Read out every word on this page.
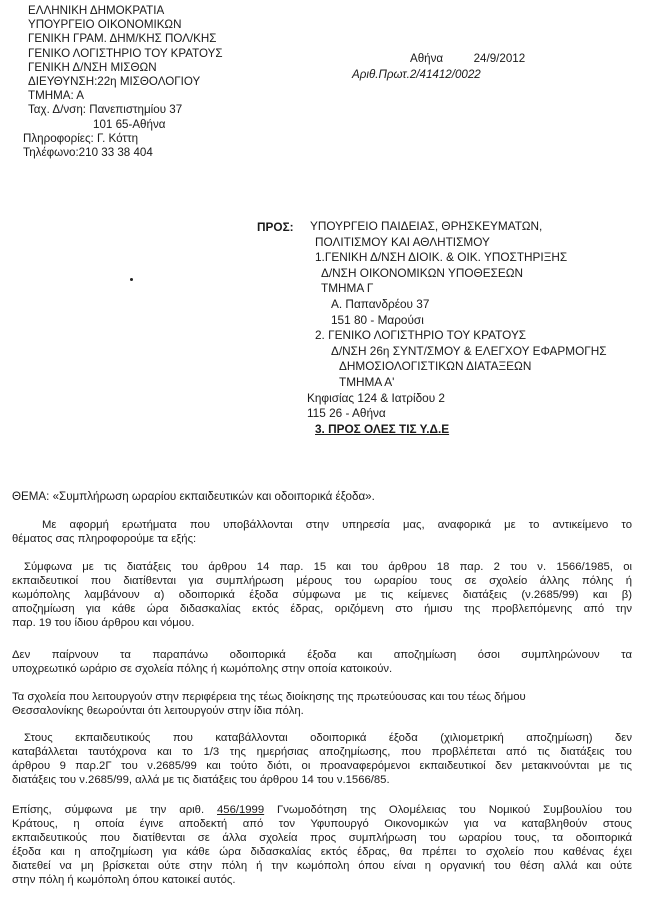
ΕΛΛΗΝΙΚΗ ΔΗΜΟΚΡΑΤΙΑ
ΥΠΟΥΡΓΕΙΟ ΟΙΚΟΝΟΜΙΚΩΝ
ΓΕΝΙΚΗ ΓΡΑΜ. ΔΗΜ/ΚΗΣ ΠΟΛ/ΚΗΣ
ΓΕΝΙΚΟ ΛΟΓΙΣΤΗΡΙΟ ΤΟΥ ΚΡΑΤΟΥΣ
ΓΕΝΙΚΗ Δ/ΝΣΗ ΜΙΣΘΩΝ
ΔΙΕΥΘΥΝΣΗ:22η ΜΙΣΘΟΛΟΓΙΟΥ
ΤΜΗΜΑ: Α
Ταχ. Δ/νση: Πανεπιστημίου 37
101 65-Αθήνα
Πληροφορίες: Γ. Κόττη
Τηλέφωνο:210 33 38 404
Αθήνα	24/9/2012
Αριθ.Πρωτ.2/41412/0022
ΠΡΟΣ: ΥΠΟΥΡΓΕΙΟ ΠΑΙΔΕΙΑΣ, ΘΡΗΣΚΕΥΜΑΤΩΝ,
ΠΟΛΙΤΙΣΜΟΥ ΚΑΙ ΑΘΛΗΤΙΣΜΟΥ
1.ΓΕΝΙΚΗ Δ/ΝΣΗ ΔΙΟΙΚ. & ΟΙΚ. ΥΠΟΣΤΗΡΙΞΗΣ
Δ/ΝΣΗ ΟΙΚΟΝΟΜΙΚΩΝ ΥΠΟΘΕΣΕΩΝ
ΤΜΗΜΑ Γ
Α. Παπανδρέου 37
151 80 - Μαρούσι
2. ΓΕΝΙΚΟ ΛΟΓΙΣΤΗΡΙΟ ΤΟΥ ΚΡΑΤΟΥΣ
Δ/ΝΣΗ 26η ΣΥΝΤ/ΣΜΟΥ & ΕΛΕΓΧΟΥ ΕΦΑΡΜΟΓΗΣ
ΔΗΜΟΣΙΟΛΟΓΙΣΤΙΚΩΝ ΔΙΑΤΑΞΕΩΝ
ΤΜΗΜΑ Α'
Κηφισίας 124 & Ιατρίδου 2
115 26 - Αθήνα
3. ΠΡΟΣ ΟΛΕΣ ΤΙΣ Υ.Δ.Ε
ΘΕΜΑ: «Συμπλήρωση ωραρίου εκπαιδευτικών και οδοιπορικά έξοδα».
Με αφορμή ερωτήματα που υποβάλλονται στην υπηρεσία μας, αναφορικά με το αντικείμενο το
θέματος σας πληροφορούμε τα εξής:
Σύμφωνα με τις διατάξεις του άρθρου 14 παρ. 15 και του άρθρου 18 παρ. 2 του ν. 1566/1985, οι
εκπαιδευτικοί που διατίθενται για συμπλήρωση μέρους του ωραρίου τους σε σχολείο άλλης πόλης ή
κωμόπολης λαμβάνουν α) οδοιπορικά έξοδα σύμφωνα με τις κείμενες διατάξεις (ν.2685/99) και β)
αποζημίωση για κάθε ώρα διδασκαλίας εκτός έδρας, οριζόμενη στο ήμισυ της προβλεπόμενης από την
παρ. 19 του ίδιου άρθρου και νόμου.
Δεν παίρνουν τα παραπάνω οδοιπορικά έξοδα και αποζημίωση όσοι συμπληρώνουν τα
υποχρεωτικό ωράριο σε σχολεία πόλης ή κωμόπολης στην οποία κατοικούν.
Τα σχολεία που λειτουργούν στην περιφέρεια της τέως διοίκησης της πρωτεύουσας και του τέως δήμου
Θεσσαλονίκης θεωρούνται ότι λειτουργούν στην ίδια πόλη.
Στους εκπαιδευτικούς που καταβάλλονται οδοιπορικά έξοδα (χιλιομετρική αποζημίωση) δεν
καταβάλλεται ταυτόχρονα και το 1/3 της ημερήσιας αποζημίωσης, που προβλέπεται από τις διατάξεις του
άρθρου 9 παρ.2Γ του ν.2685/99 και τούτο διότι, οι προαναφερόμενοι εκπαιδευτικοί δεν μετακινούνται με τις
διατάξεις του ν.2685/99, αλλά με τις διατάξεις του άρθρου 14 του ν.1566/85.
Επίσης, σύμφωνα με την αριθ. 456/1999 Γνωμοδότηση της Ολομέλειας του Νομικού Συμβουλίου του
Κράτους, η οποία έγινε αποδεκτή από τον Υφυπουργό Οικονομικών για να καταβληθούν στους
εκπαιδευτικούς που διατίθενται σε άλλα σχολεία προς συμπλήρωση του ωραρίου τους, τα οδοιπορικά
έξοδα και η αποζημίωση για κάθε ώρα διδασκαλίας εκτός έδρας, θα πρέπει το σχολείο που καθένας έχει
διατεθεί να μη βρίσκεται ούτε στην πόλη ή την κωμόπολη όπου είναι η οργανική του θέση αλλά και ούτε
στην πόλη ή κωμόπολη όπου κατοικεί αυτός.
